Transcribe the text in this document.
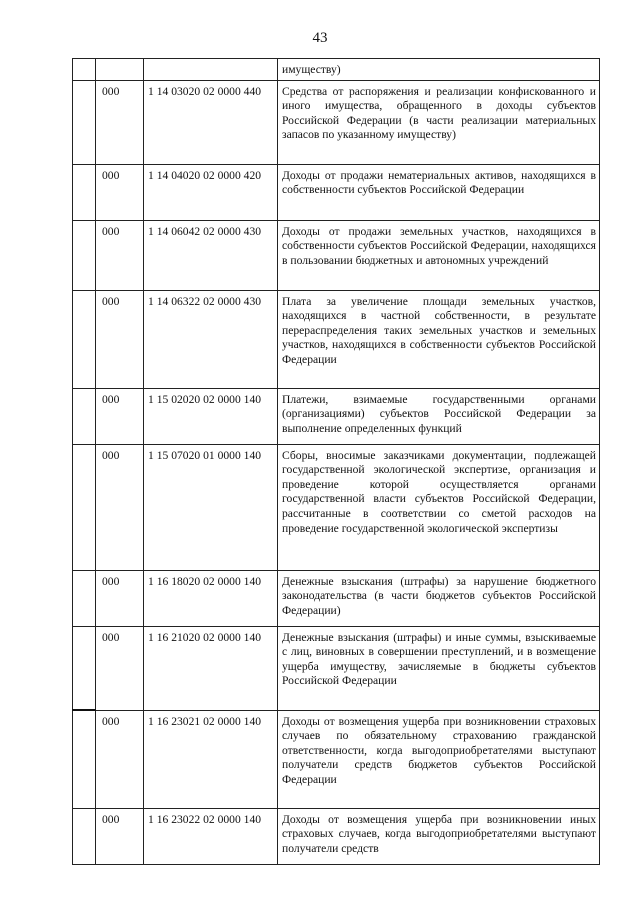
43
			имуществу)
	000	1 14 03020 02 0000 440	Средства от распоряжения и реализации конфискованного и иного имущества, обращенного в доходы субъектов Российской Федерации (в части реализации материальных запасов по указанному имуществу)
	000	1 14 04020 02 0000 420	Доходы от продажи нематериальных активов, находящихся в собственности субъектов Российской Федерации
	000	1 14 06042 02 0000 430	Доходы от продажи земельных участков, находящихся в собственности субъектов Российской Федерации, находящихся в пользовании бюджетных и автономных учреждений
	000	1 14 06322 02 0000 430	Плата за увеличение площади земельных участков, находящихся в частной собственности, в результате перераспределения таких земельных участков и земельных участков, находящихся в собственности субъектов Российской Федерации
	000	1 15 02020 02 0000 140	Платежи, взимаемые государственными органами (организациями) субъектов Российской Федерации за выполнение определенных функций
	000	1 15 07020 01 0000 140	Сборы, вносимые заказчиками документации, подлежащей государственной экологической экспертизе, организация и проведение которой осуществляется органами государственной власти субъектов Российской Федерации, рассчитанные в соответствии со сметой расходов на проведение государственной экологической экспертизы
	000	1 16 18020 02 0000 140	Денежные взыскания (штрафы) за нарушение бюджетного законодательства (в части бюджетов субъектов Российской Федерации)
	000	1 16 21020 02 0000 140	Денежные взыскания (штрафы) и иные суммы, взыскиваемые с лиц, виновных в совершении преступлений, и в возмещение ущерба имуществу, зачисляемые в бюджеты субъектов Российской Федерации
	000	1 16 23021 02 0000 140	Доходы от возмещения ущерба при возникновении страховых случаев по обязательному страхованию гражданской ответственности, когда выгодоприобретателями выступают получатели средств бюджетов субъектов Российской Федерации
	000	1 16 23022 02 0000 140	Доходы от возмещения ущерба при возникновении иных страховых случаев, когда выгодоприобретателями выступают получатели средств
